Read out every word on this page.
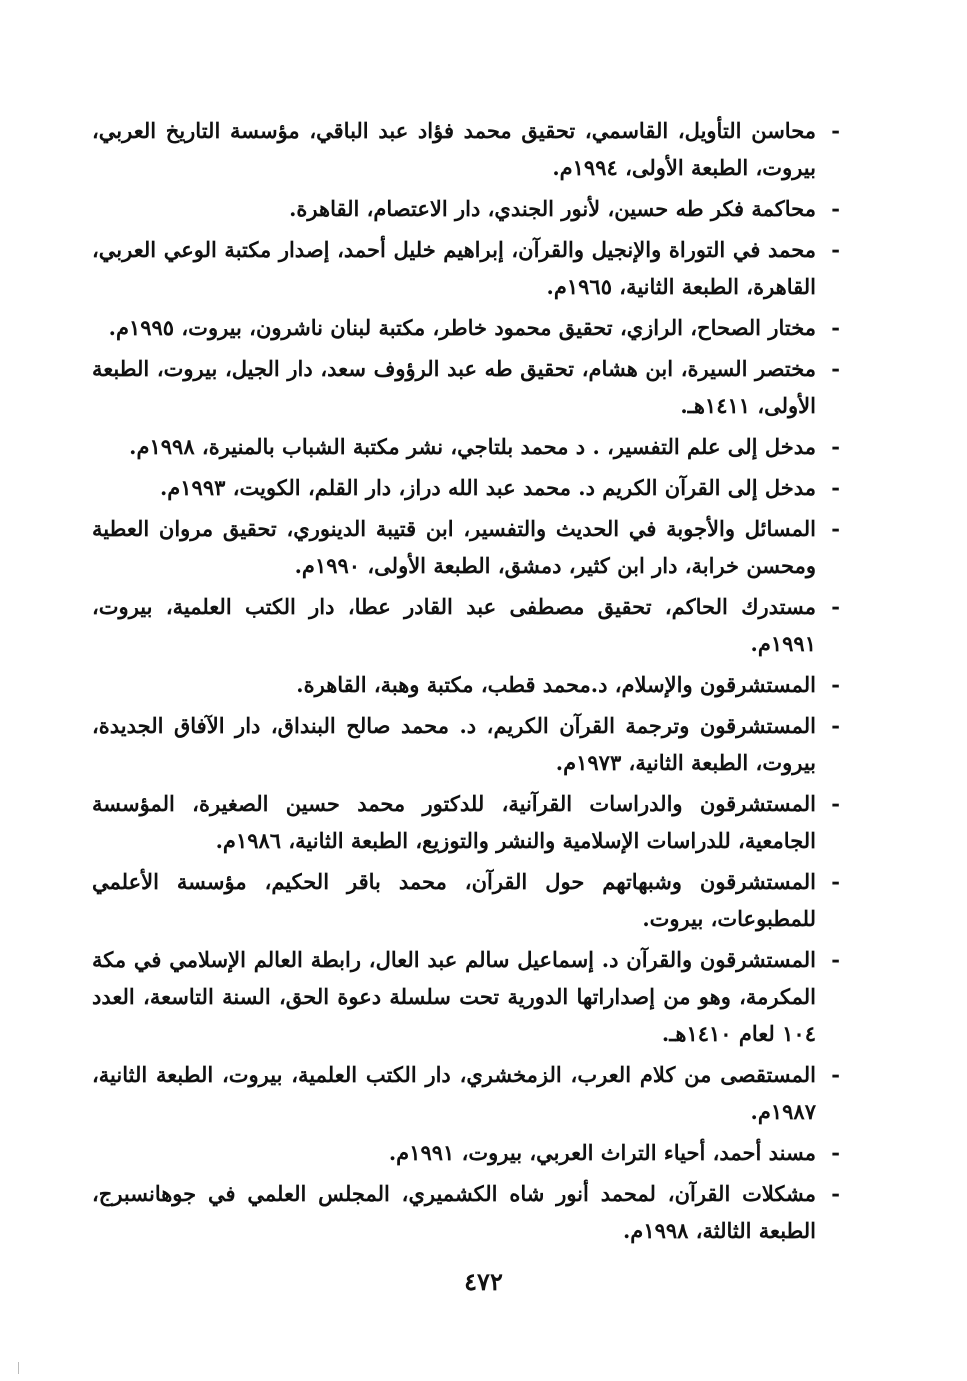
- محاسن التأويل، القاسمي، تحقيق محمد فؤاد عبد الباقي، مؤسسة التاريخ العربي، بيروت، الطبعة الأولى، ١٩٩٤م.
- محاكمة فكر طه حسين، لأنور الجندي، دار الاعتصام، القاهرة.
- محمد في التوراة والإنجيل والقرآن، إبراهيم خليل أحمد، إصدار مكتبة الوعي العربي، القاهرة، الطبعة الثانية، ١٩٦٥م.
- مختار الصحاح، الرازي، تحقيق محمود خاطر، مكتبة لبنان ناشرون، بيروت، ١٩٩٥م.
- مختصر السيرة، ابن هشام، تحقيق طه عبد الرؤوف سعد، دار الجيل، بيروت، الطبعة الأولى، ١٤١١هـ.
- مدخل إلى علم التفسير، . د محمد بلتاجي، نشر مكتبة الشباب بالمنيرة، ١٩٩٨م.
- مدخل إلى القرآن الكريم د. محمد عبد الله دراز، دار القلم، الكويت، ١٩٩٣م.
- المسائل والأجوبة في الحديث والتفسير، ابن قتيبة الدينوري، تحقيق مروان العطية ومحسن خرابة، دار ابن كثير، دمشق، الطبعة الأولى، ١٩٩٠م.
- مستدرك الحاكم، تحقيق مصطفى عبد القادر عطا، دار الكتب العلمية، بيروت، ١٩٩١م.
- المستشرقون والإسلام، د.محمد قطب، مكتبة وهبة، القاهرة.
- المستشرقون وترجمة القرآن الكريم، د. محمد صالح البنداق، دار الآفاق الجديدة، بيروت، الطبعة الثانية، ١٩٧٣م.
- المستشرقون والدراسات القرآنية، للدكتور محمد حسين الصغيرة، المؤسسة الجامعية، للدراسات الإسلامية والنشر والتوزيع، الطبعة الثانية، ١٩٨٦م.
- المستشرقون وشبهاتهم حول القرآن، محمد باقر الحكيم، مؤسسة الأعلمي للمطبوعات، بيروت.
- المستشرقون والقرآن د. إسماعيل سالم عبد العال، رابطة العالم الإسلامي في مكة المكرمة، وهو من إصداراتها الدورية تحت سلسلة دعوة الحق، السنة التاسعة، العدد ١٠٤ لعام ١٤١٠هـ.
- المستقصى من كلام العرب، الزمخشري، دار الكتب العلمية، بيروت، الطبعة الثانية، ١٩٨٧م.
- مسند أحمد، أحياء التراث العربي، بيروت، ١٩٩١م.
- مشكلات القرآن، لمحمد أنور شاه الكشميري، المجلس العلمي في جوهانسبرج، الطبعة الثالثة، ١٩٩٨م.
٤٧٢
